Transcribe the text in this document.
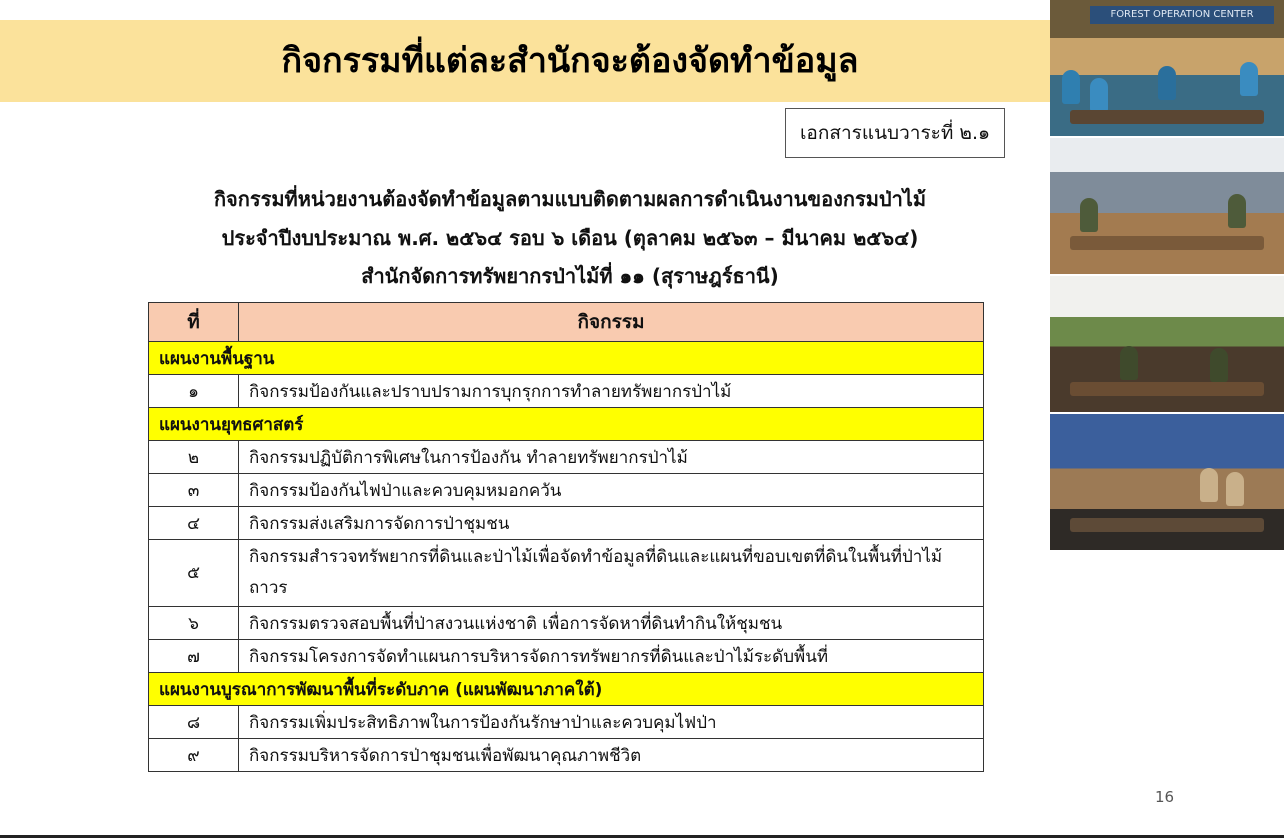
กิจกรรมที่แต่ละสำนักจะต้องจัดทำข้อมูล
เอกสารแนบวาระที่ ๒.๑
กิจกรรมที่หน่วยงานต้องจัดทำข้อมูลตามแบบติดตามผลการดำเนินงานของกรมป่าไม้
ประจำปีงบประมาณ พ.ศ. ๒๕๖๔ รอบ ๖ เดือน (ตุลาคม ๒๕๖๓ – มีนาคม ๒๕๖๔)
สำนักจัดการทรัพยากรป่าไม้ที่ ๑๑ (สุราษฎร์ธานี)
ที่	กิจกรรม
แผนงานพื้นฐาน	
๑	กิจกรรมป้องกันและปราบปรามการบุกรุกการทำลายทรัพยากรป่าไม้
แผนงานยุทธศาสตร์	
๒	กิจกรรมปฏิบัติการพิเศษในการป้องกัน ทำลายทรัพยากรป่าไม้
๓	กิจกรรมป้องกันไฟป่าและควบคุมหมอกควัน
๔	กิจกรรมส่งเสริมการจัดการป่าชุมชน
๕	กิจกรรมสำรวจทรัพยากรที่ดินและป่าไม้เพื่อจัดทำข้อมูลที่ดินและแผนที่ขอบเขตที่ดินในพื้นที่ป่าไม้ถาวร
๖	กิจกรรมตรวจสอบพื้นที่ป่าสงวนแห่งชาติ เพื่อการจัดหาที่ดินทำกินให้ชุมชน
๗	กิจกรรมโครงการจัดทำแผนการบริหารจัดการทรัพยากรที่ดินและป่าไม้ระดับพื้นที่
แผนงานบูรณาการพัฒนาพื้นที่ระดับภาค (แผนพัฒนาภาคใต้)	
๘	กิจกรรมเพิ่มประสิทธิภาพในการป้องกันรักษาป่าและควบคุมไฟป่า
๙	กิจกรรมบริหารจัดการป่าชุมชนเพื่อพัฒนาคุณภาพชีวิต
16
FOREST OPERATION CENTER
